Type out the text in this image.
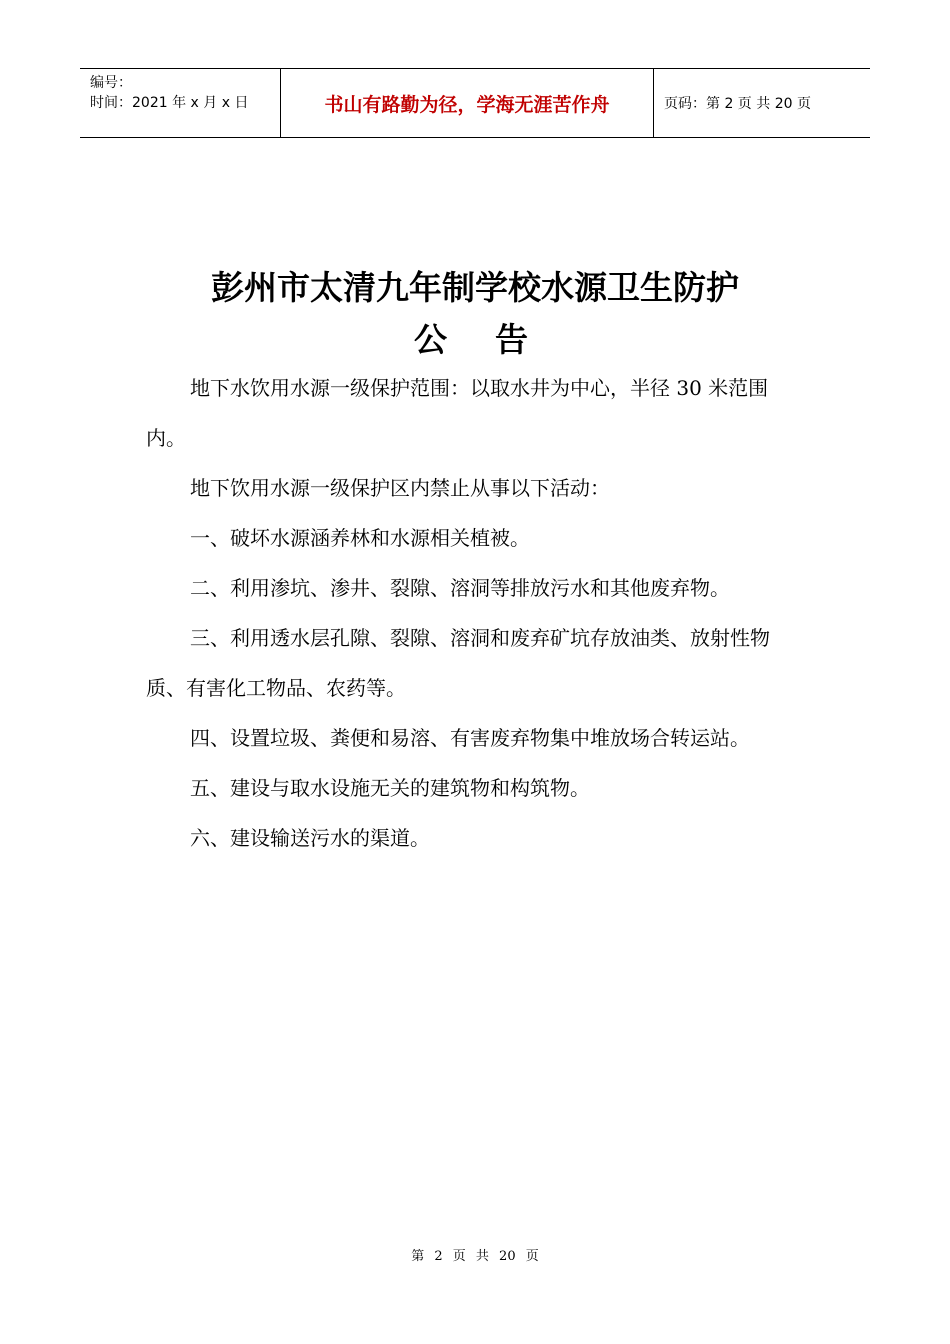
编号：
时间：2021 年 x 月 x 日	书山有路勤为径，学海无涯苦作舟	页码：第 2 页 共 20 页
彭州市太清九年制学校水源卫生防护
公 告

地下水饮用水源一级保护范围：以取水井为中心，半径 30 米范围内。

地下饮用水源一级保护区内禁止从事以下活动：

一、破坏水源涵养林和水源相关植被。

二、利用渗坑、渗井、裂隙、溶洞等排放污水和其他废弃物。

三、利用透水层孔隙、裂隙、溶洞和废弃矿坑存放油类、放射性物质、有害化工物品、农药等。

四、设置垃圾、粪便和易溶、有害废弃物集中堆放场合转运站。

五、建设与取水设施无关的建筑物和构筑物。

六、建设输送污水的渠道。

第 2 页 共 20 页
